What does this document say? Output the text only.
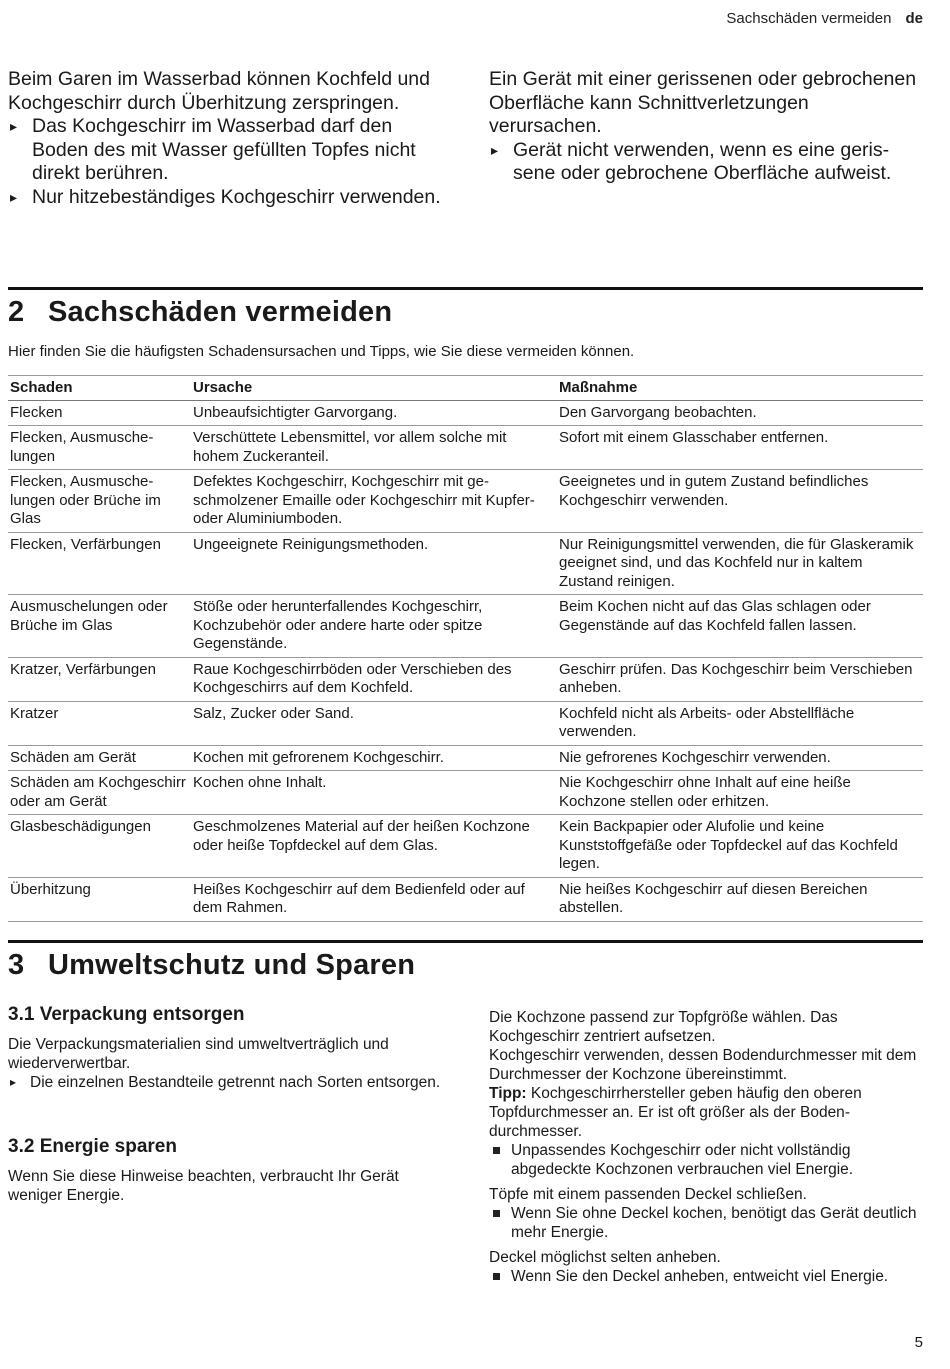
Sachschäden vermeiden de

Beim Garen im Wasserbad können Kochfeld und Kochgeschirr durch Überhitzung zerspringen.

▸ Das Kochgeschirr im Wasserbad darf den Boden des mit Wasser gefüllten Topfes nicht direkt berühren.
▸ Nur hitzebeständiges Kochgeschirr verwenden.

Ein Gerät mit einer gerissenen oder gebrochenen Oberfläche kann Schnittverletzungen verursachen.

▸ Gerät nicht verwenden, wenn es eine gerissene oder gebrochene Oberfläche aufweist.
2 Sachschäden vermeiden
Hier finden Sie die häufigsten Schadensursachen und Tipps, wie Sie diese vermeiden können.
Schaden	Ursache	Maßnahme
Flecken	Unbeaufsichtigter Garvorgang.	Den Garvorgang beobachten.
Flecken, Ausmuschelungen	Verschüttete Lebensmittel, vor allem solche mit hohem Zuckeranteil.	Sofort mit einem Glasschaber entfernen.
Flecken, Ausmuschelungen oder Brüche im Glas	Defektes Kochgeschirr, Kochgeschirr mit geschmolzener Emaille oder Kochgeschirr mit Kupfer- oder Aluminiumboden.	Geeignetes und in gutem Zustand befindliches Kochgeschirr verwenden.
Flecken, Verfärbungen	Ungeeignete Reinigungsmethoden.	Nur Reinigungsmittel verwenden, die für Glaskeramik geeignet sind, und das Kochfeld nur in kaltem Zustand reinigen.
Ausmuschelungen oder Brüche im Glas	Stöße oder herunterfallendes Kochgeschirr, Kochzubehör oder andere harte oder spitze Gegenstände.	Beim Kochen nicht auf das Glas schlagen oder Gegenstände auf das Kochfeld fallen lassen.
Kratzer, Verfärbungen	Raue Kochgeschirrböden oder Verschieben des Kochgeschirrs auf dem Kochfeld.	Geschirr prüfen. Das Kochgeschirr beim Verschieben anheben.
Kratzer	Salz, Zucker oder Sand.	Kochfeld nicht als Arbeits- oder Abstellfläche verwenden.
Schäden am Gerät	Kochen mit gefrorenem Kochgeschirr.	Nie gefrorenes Kochgeschirr verwenden.
Schäden am Kochgeschirr oder am Gerät	Kochen ohne Inhalt.	Nie Kochgeschirr ohne Inhalt auf eine heiße Kochzone stellen oder erhitzen.
Glasbeschädigungen	Geschmolzenes Material auf der heißen Kochzone oder heiße Topfdeckel auf dem Glas.	Kein Backpapier oder Alufolie und keine Kunststoffgefäße oder Topfdeckel auf das Kochfeld legen.
Überhitzung	Heißes Kochgeschirr auf dem Bedienfeld oder auf dem Rahmen.	Nie heißes Kochgeschirr auf diesen Bereichen abstellen.
3 Umweltschutz und Sparen
3.1 Verpackung entsorgen

Die Verpackungsmaterialien sind umweltverträglich und wiederverwertbar.

▸ Die einzelnen Bestandteile getrennt nach Sorten entsorgen.
3.2 Energie sparen

Wenn Sie diese Hinweise beachten, verbraucht Ihr Gerät weniger Energie.

Die Kochzone passend zur Topfgröße wählen. Das Kochgeschirr zentriert aufsetzen.

Kochgeschirr verwenden, dessen Bodendurchmesser mit dem Durchmesser der Kochzone übereinstimmt.

Tipp: Kochgeschirrhersteller geben häufig den oberen Topfdurchmesser an. Er ist oft größer als der Bodendurchmesser.

Unpassendes Kochgeschirr oder nicht vollständig abgedeckte Kochzonen verbrauchen viel Energie.

Töpfe mit einem passenden Deckel schließen.

Wenn Sie ohne Deckel kochen, benötigt das Gerät deutlich mehr Energie.

Deckel möglichst selten anheben.

Wenn Sie den Deckel anheben, entweicht viel Energie.
5
